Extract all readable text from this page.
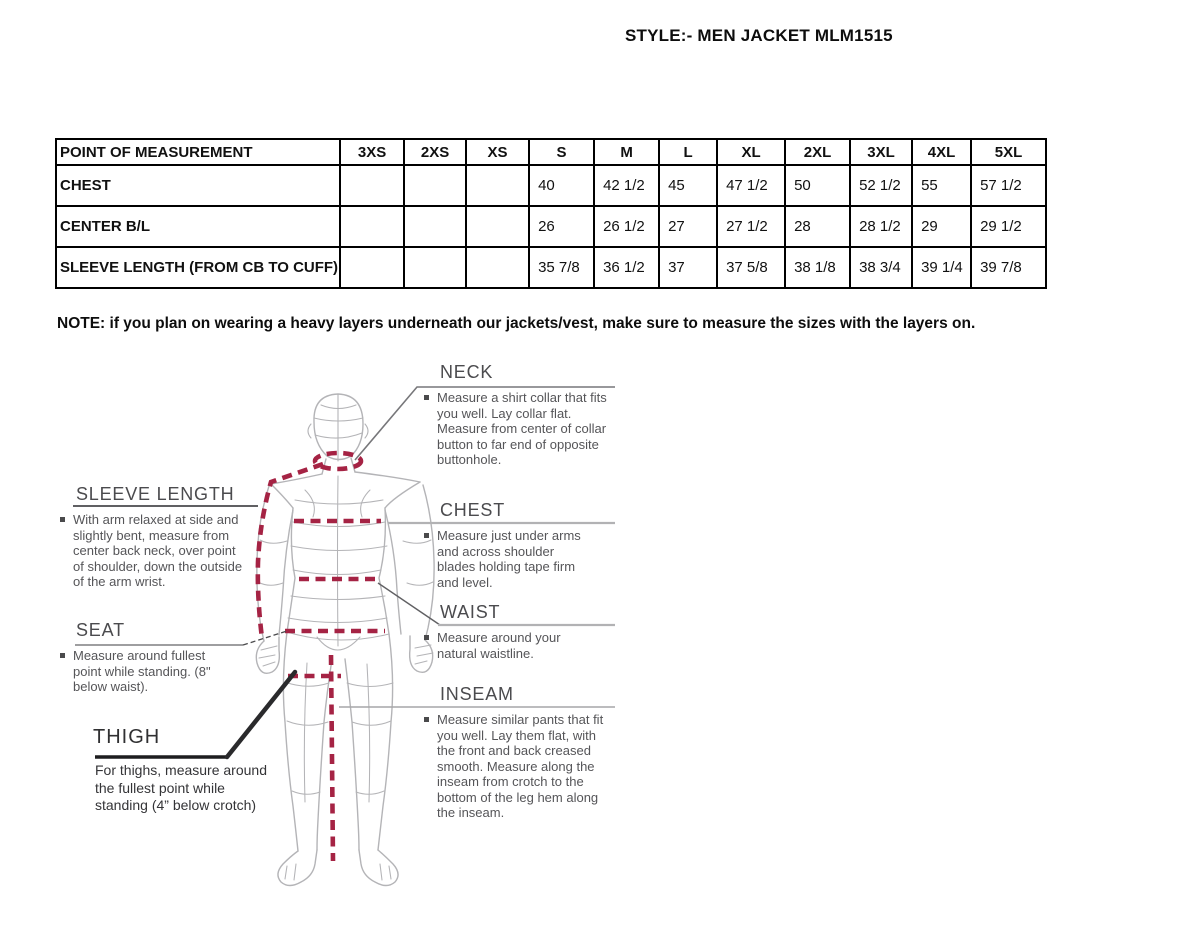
STYLE:- MEN JACKET MLM1515
POINT OF MEASUREMENT	3XS	2XS	XS	S	M	L	XL	2XL	3XL	4XL	5XL
CHEST				40	42 1/2	45	47 1/2	50	52 1/2	55	57 1/2
CENTER B/L				26	26 1/2	27	27 1/2	28	28 1/2	29	29 1/2
SLEEVE LENGTH (FROM CB TO CUFF)				35 7/8	36 1/2	37	37 5/8	38 1/8	38 3/4	39 1/4	39 7/8
NOTE: if you plan on wearing a heavy layers underneath our jackets/vest, make sure to measure the sizes with the layers on.
NECK
Measure a shirt collar that fits you well. Lay collar flat. Measure from center of collar button to far end of opposite buttonhole.
CHEST
Measure just under arms and across shoulder blades holding tape firm and level.
WAIST
Measure around your natural waistline.
INSEAM
Measure similar pants that fit you well. Lay them flat, with the front and back creased smooth. Measure along the inseam from crotch to the bottom of the leg hem along the inseam.
SLEEVE LENGTH
With arm relaxed at side and slightly bent, measure from center back neck, over point of shoulder, down the outside of the arm wrist.
SEAT
Measure around fullest point while standing. (8" below waist).
THIGH
For thighs, measure around the fullest point while standing (4” below crotch)
